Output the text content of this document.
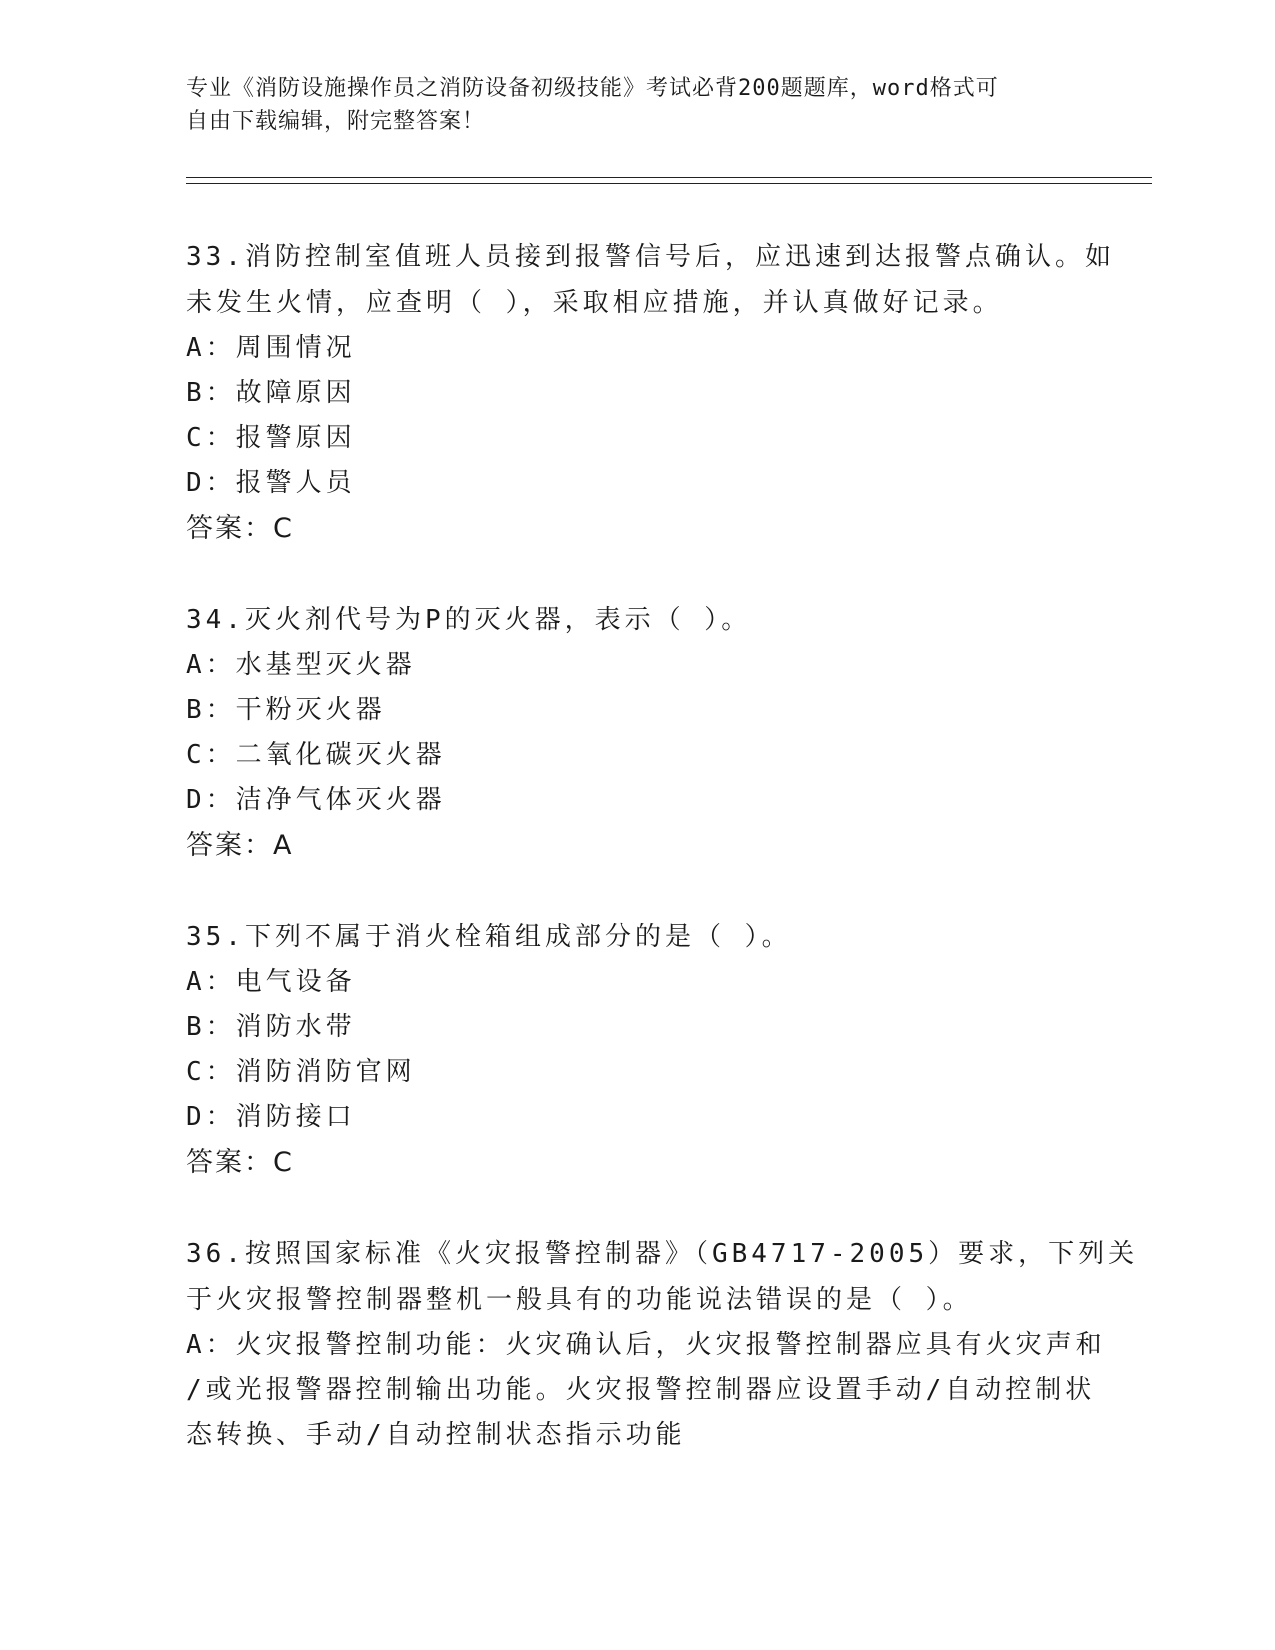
专业《消防设施操作员之消防设备初级技能》考试必背200题题库，word格式可
自由下载编辑，附完整答案！
33.消防控制室值班人员接到报警信号后，应迅速到达报警点确认。如
未发生火情，应查明（ ），采取相应措施，并认真做好记录。
A：周围情况
B：故障原因
C：报警原因
D：报警人员
答案：C
34.灭火剂代号为P的灭火器，表示（ ）。
A：水基型灭火器
B：干粉灭火器
C：二氧化碳灭火器
D：洁净气体灭火器
答案：A
35.下列不属于消火栓箱组成部分的是（ ）。
A：电气设备
B：消防水带
C：消防消防官网
D：消防接口
答案：C
36.按照国家标准《火灾报警控制器》（GB4717-2005）要求，下列关
于火灾报警控制器整机一般具有的功能说法错误的是（ ）。
A：火灾报警控制功能：火灾确认后，火灾报警控制器应具有火灾声和
/或光报警器控制输出功能。火灾报警控制器应设置手动/自动控制状
态转换、手动/自动控制状态指示功能
